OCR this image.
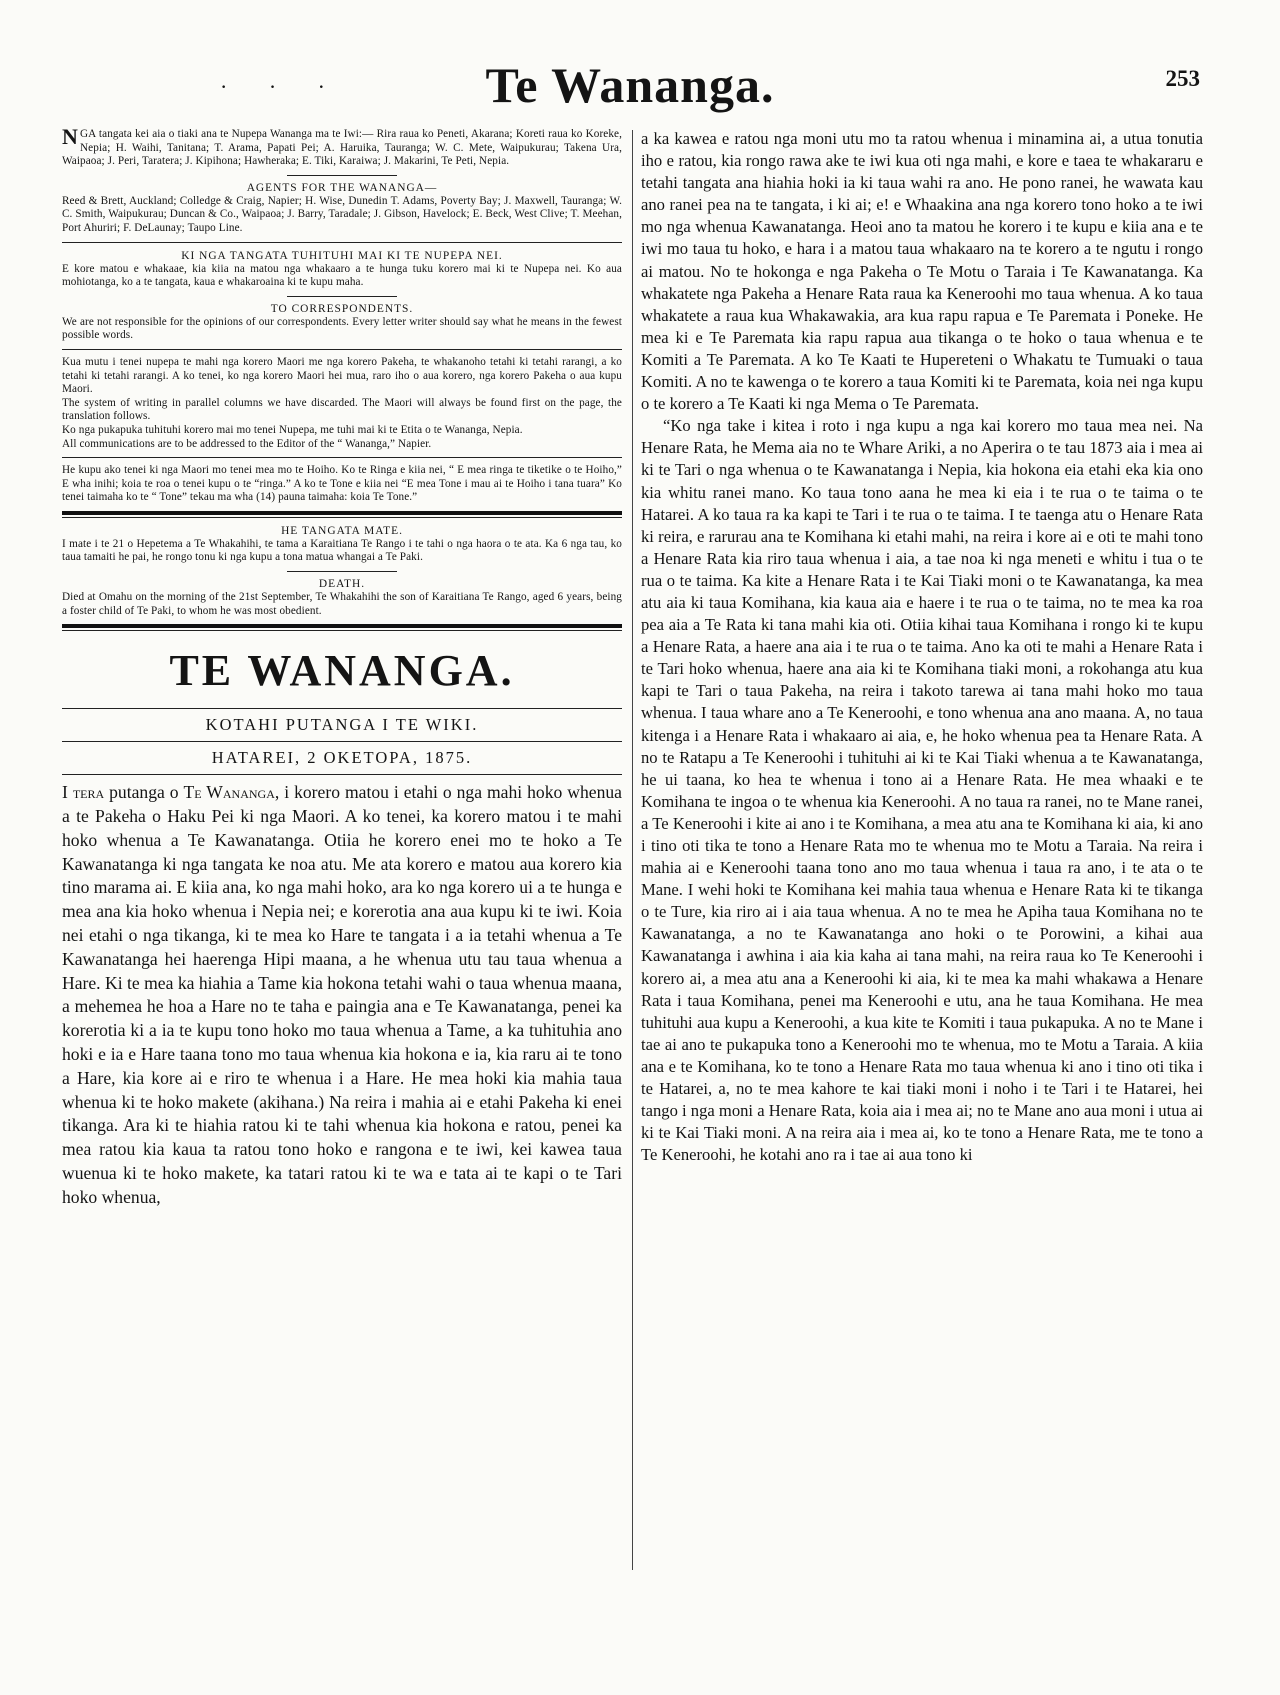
· · ·	Te Wananga.	253

NGA tangata kei aia o tiaki ana te Nupepa Wananga ma te Iwi:— Rira raua ko Peneti, Akarana; Koreti raua ko Koreke, Nepia; H. Waihi, Tanitana; T. Arama, Papati Pei; A. Haruika, Tauranga; W. C. Mete, Waipukurau; Takena Ura, Waipaoa; J. Peri, Taratera; J. Kipihona; Hawheraka; E. Tiki, Karaiwa; J. Makarini, Te Peti, Nepia.

AGENTS FOR THE WANANGA—

Reed & Brett, Auckland; Colledge & Craig, Napier; H. Wise, Dunedin T. Adams, Poverty Bay; J. Maxwell, Tauranga; W. C. Smith, Waipukurau; Duncan & Co., Waipaoa; J. Barry, Taradale; J. Gibson, Havelock; E. Beck, West Clive; T. Meehan, Port Ahuriri; F. DeLaunay; Taupo Line.

KI NGA TANGATA TUHITUHI MAI KI TE NUPEPA NEI.

E kore matou e whakaae, kia kiia na matou nga whakaaro a te hunga tuku korero mai ki te Nupepa nei. Ko aua mohiotanga, ko a te tangata, kaua e whakaroaina ki te kupu maha.

TO CORRESPONDENTS.

We are not responsible for the opinions of our correspondents. Every letter writer should say what he means in the fewest possible words.

Kua mutu i tenei nupepa te mahi nga korero Maori me nga korero Pakeha, te whakanoho tetahi ki tetahi rarangi, a ko tetahi ki tetahi rarangi. A ko tenei, ko nga korero Maori hei mua, raro iho o aua korero, nga korero Pakeha o aua kupu Maori.

The system of writing in parallel columns we have discarded. The Maori will always be found first on the page, the translation follows.

Ko nga pukapuka tuhituhi korero mai mo tenei Nupepa, me tuhi mai ki te Etita o te Wananga, Nepia.

All communications are to be addressed to the Editor of the “ Wananga,” Napier.

He kupu ako tenei ki nga Maori mo tenei mea mo te Hoiho. Ko te Ringa e kiia nei, “ E mea ringa te tiketike o te Hoiho,” E wha inihi; koia te roa o tenei kupu o te “ringa.” A ko te Tone e kiia nei “E mea Tone i mau ai te Hoiho i tana tuara” Ko tenei taimaha ko te “ Tone” tekau ma wha (14) pauna taimaha: koia Te Tone.”

HE TANGATA MATE.

I mate i te 21 o Hepetema a Te Whakahihi, te tama a Karaitiana Te Rango i te tahi o nga haora o te ata. Ka 6 nga tau, ko taua tamaiti he pai, he rongo tonu ki nga kupu a tona matua whangai a Te Paki.

DEATH.

Died at Omahu on the morning of the 21st September, Te Whakahihi the son of Karaitiana Te Rango, aged 6 years, being a foster child of Te Paki, to whom he was most obedient.

TE WANANGA.
KOTAHI PUTANGA I TE WIKI.
HATAREI, 2 OKETOPA, 1875.

I tera putanga o Te Wananga, i korero matou i etahi o nga mahi hoko whenua a te Pakeha o Haku Pei ki nga Maori. A ko tenei, ka korero matou i te mahi hoko whenua a Te Kawanatanga. Otiia he korero enei mo te hoko a Te Kawanatanga ki nga tangata ke noa atu. Me ata korero e matou aua korero kia tino marama ai. E kiia ana, ko nga mahi hoko, ara ko nga korero ui a te hunga e mea ana kia hoko whenua i Nepia nei; e korerotia ana aua kupu ki te iwi. Koia nei etahi o nga tikanga, ki te mea ko Hare te tangata i a ia tetahi whenua a Te Kawanatanga hei haerenga Hipi maana, a he whenua utu tau taua whenua a Hare. Ki te mea ka hiahia a Tame kia hokona tetahi wahi o taua whenua maana, a mehemea he hoa a Hare no te taha e paingia ana e Te Kawanatanga, penei ka korerotia ki a ia te kupu tono hoko mo taua whenua a Tame, a ka tuhituhia ano hoki e ia e Hare taana tono mo taua whenua kia hokona e ia, kia raru ai te tono a Hare, kia kore ai e riro te whenua i a Hare. He mea hoki kia mahia taua whenua ki te hoko makete (akihana.) Na reira i mahia ai e etahi Pakeha ki enei tikanga. Ara ki te hiahia ratou ki te tahi whenua kia hokona e ratou, penei ka mea ratou kia kaua ta ratou tono hoko e rangona e te iwi, kei kawea taua wuenua ki te hoko makete, ka tatari ratou ki te wa e tata ai te kapi o te Tari hoko whenua,

a ka kawea e ratou nga moni utu mo ta ratou whenua i minamina ai, a utua tonutia iho e ratou, kia rongo rawa ake te iwi kua oti nga mahi, e kore e taea te whakararu e tetahi tangata ana hiahia hoki ia ki taua wahi ra ano. He pono ranei, he wawata kau ano ranei pea na te tangata, i ki ai; e! e Whaakina ana nga korero tono hoko a te iwi mo nga whenua Kawanatanga. Heoi ano ta matou he korero i te kupu e kiia ana e te iwi mo taua tu hoko, e hara i a matou taua whakaaro na te korero a te ngutu i rongo ai matou. No te hokonga e nga Pakeha o Te Motu o Taraia i Te Kawanatanga. Ka whakatete nga Pakeha a Henare Rata raua ka Keneroohi mo taua whenua. A ko taua whakatete a raua kua Whakawakia, ara kua rapu rapua e Te Paremata i Poneke. He mea ki e Te Paremata kia rapu rapua aua tikanga o te hoko o taua whenua e te Komiti a Te Paremata. A ko Te Kaati te Hupereteni o Whakatu te Tumuaki o taua Komiti. A no te kawenga o te korero a taua Komiti ki te Paremata, koia nei nga kupu o te korero a Te Kaati ki nga Mema o Te Paremata.

“Ko nga take i kitea i roto i nga kupu a nga kai korero mo taua mea nei. Na Henare Rata, he Mema aia no te Whare Ariki, a no Aperira o te tau 1873 aia i mea ai ki te Tari o nga whenua o te Kawanatanga i Nepia, kia hokona eia etahi eka kia ono kia whitu ranei mano. Ko taua tono aana he mea ki eia i te rua o te taima o te Hatarei. A ko taua ra ka kapi te Tari i te rua o te taima. I te taenga atu o Henare Rata ki reira, e rarurau ana te Komihana ki etahi mahi, na reira i kore ai e oti te mahi tono a Henare Rata kia riro taua whenua i aia, a tae noa ki nga meneti e whitu i tua o te rua o te taima. Ka kite a Henare Rata i te Kai Tiaki moni o te Kawanatanga, ka mea atu aia ki taua Komihana, kia kaua aia e haere i te rua o te taima, no te mea ka roa pea aia a Te Rata ki tana mahi kia oti. Otiia kihai taua Komihana i rongo ki te kupu a Henare Rata, a haere ana aia i te rua o te taima. Ano ka oti te mahi a Henare Rata i te Tari hoko whenua, haere ana aia ki te Komihana tiaki moni, a rokohanga atu kua kapi te Tari o taua Pakeha, na reira i takoto tarewa ai tana mahi hoko mo taua whenua. I taua whare ano a Te Keneroohi, e tono whenua ana ano maana. A, no taua kitenga i a Henare Rata i whakaaro ai aia, e, he hoko whenua pea ta Henare Rata. A no te Ratapu a Te Keneroohi i tuhituhi ai ki te Kai Tiaki whenua a te Kawanatanga, he ui taana, ko hea te whenua i tono ai a Henare Rata. He mea whaaki e te Komihana te ingoa o te whenua kia Keneroohi. A no taua ra ranei, no te Mane ranei, a Te Keneroohi i kite ai ano i te Komihana, a mea atu ana te Komihana ki aia, ki ano i tino oti tika te tono a Henare Rata mo te whenua mo te Motu a Taraia. Na reira i mahia ai e Keneroohi taana tono ano mo taua whenua i taua ra ano, i te ata o te Mane. I wehi hoki te Komihana kei mahia taua whenua e Henare Rata ki te tikanga o te Ture, kia riro ai i aia taua whenua. A no te mea he Apiha taua Komihana no te Kawanatanga, a no te Kawanatanga ano hoki o te Porowini, a kihai aua Kawanatanga i awhina i aia kia kaha ai tana mahi, na reira raua ko Te Keneroohi i korero ai, a mea atu ana a Keneroohi ki aia, ki te mea ka mahi whakawa a Henare Rata i taua Komihana, penei ma Keneroohi e utu, ana he taua Komihana. He mea tuhituhi aua kupu a Keneroohi, a kua kite te Komiti i taua pukapuka. A no te Mane i tae ai ano te pukapuka tono a Keneroohi mo te whenua, mo te Motu a Taraia. A kiia ana e te Komihana, ko te tono a Henare Rata mo taua whenua ki ano i tino oti tika i te Hatarei, a, no te mea kahore te kai tiaki moni i noho i te Tari i te Hatarei, hei tango i nga moni a Henare Rata, koia aia i mea ai; no te Mane ano aua moni i utua ai ki te Kai Tiaki moni. A na reira aia i mea ai, ko te tono a Henare Rata, me te tono a Te Keneroohi, he kotahi ano ra i tae ai aua tono ki
